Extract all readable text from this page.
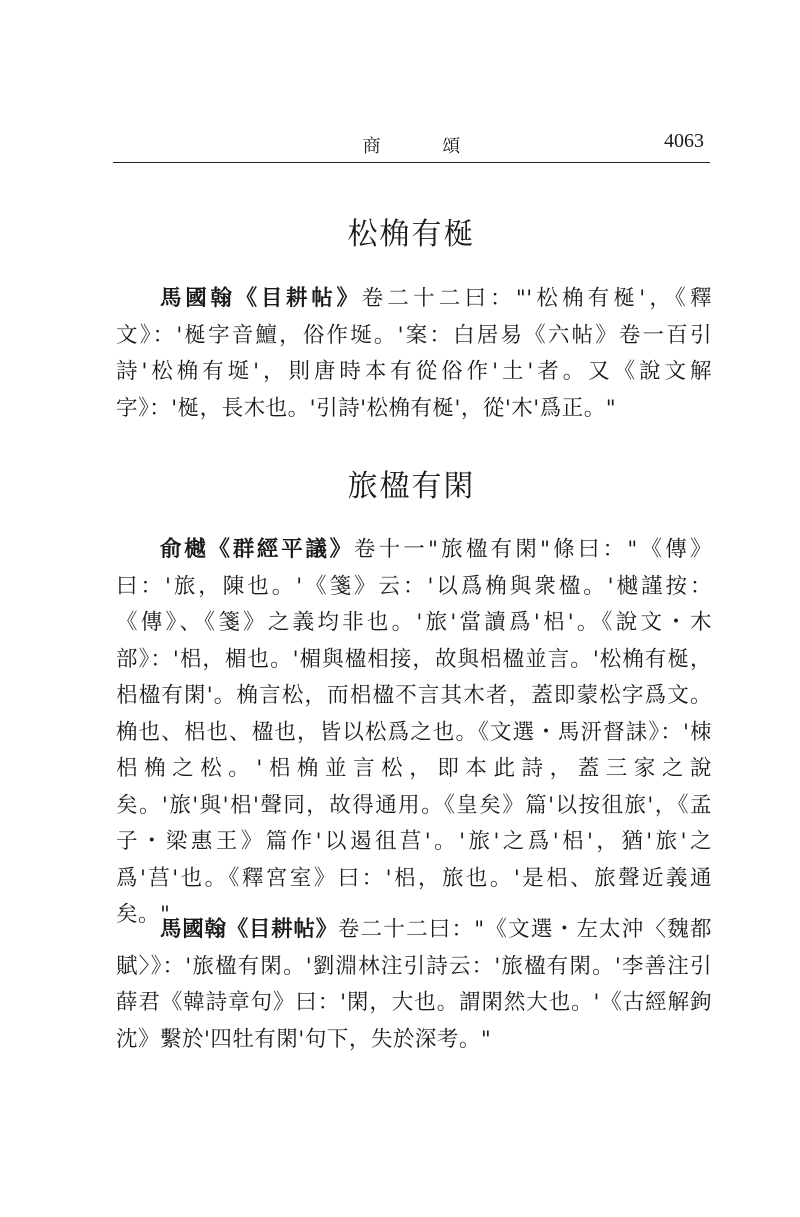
商 頌	4063
松桷有梴
馬國翰《目耕帖》卷二十二曰："'松桷有梴'，《釋文》：'梴字音鱣，俗作埏。'案：白居易《六帖》卷一百引詩'松桷有埏'，則唐時本有從俗作'土'者。又《說文解字》：'梴，長木也。'引詩'松桷有梴'，從'木'爲正。"
旅楹有閑
俞樾《群經平議》卷十一"旅楹有閑"條曰："《傳》曰：'旅，陳也。'《箋》云：'以爲桷與衆楹。'樾謹按：《傳》、《箋》之義均非也。'旅'當讀爲'梠'。《說文・木部》：'梠，楣也。'楣與楹相接，故與梠楹並言。'松桷有梴，梠楹有閑'。桷言松，而梠楹不言其木者，蓋即蒙松字爲文。桷也、梠也、楹也，皆以松爲之也。《文選・馬汧督誄》：'栜梠桷之松。'梠桷並言松，即本此詩，蓋三家之說矣。'旅'與'梠'聲同，故得通用。《皇矣》篇'以按徂旅'，《孟子・梁惠王》篇作'以遏徂莒'。'旅'之爲'梠'，猶'旅'之爲'莒'也。《釋宮室》曰：'梠，旅也。'是梠、旅聲近義通矣。"
馬國翰《目耕帖》卷二十二曰："《文選・左太沖〈魏都賦〉》：'旅楹有閑。'劉淵林注引詩云：'旅楹有閑。'李善注引薛君《韓詩章句》曰：'閑，大也。謂閑然大也。'《古經解鉤沈》繫於'四牡有閑'句下，失於深考。"
